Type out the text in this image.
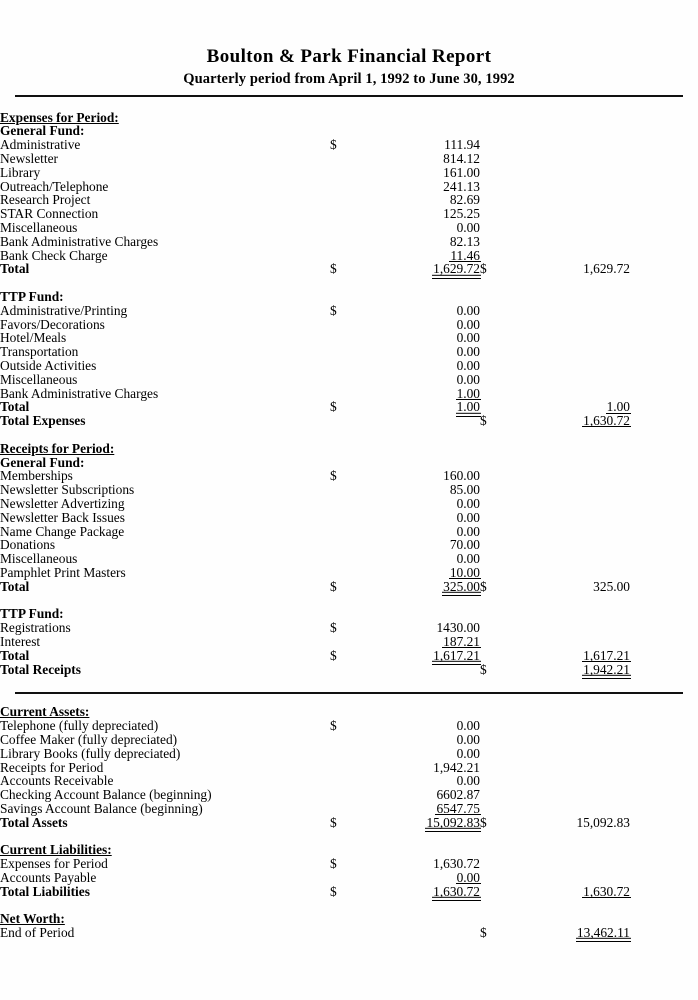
Boulton & Park Financial Report
Quarterly period from April 1, 1992 to June 30, 1992

Expenses for Period:					
General Fund:					
Administrative	$	111.94			
Newsletter		814.12			
Library		161.00			
Outreach/Telephone		241.13			
Research Project		82.69			
STAR Connection		125.25			
Miscellaneous		0.00			
Bank Administrative Charges		82.13			
Bank Check Charge		11.46			
Total	$	1,629.72	$	1,629.72	

TTP Fund:					
Administrative/Printing	$	0.00			
Favors/Decorations		0.00			
Hotel/Meals		0.00			
Transportation		0.00			
Outside Activities		0.00			
Miscellaneous		0.00			
Bank Administrative Charges		1.00			
Total	$	1.00		1.00	
Total Expenses			$	1,630.72	

Receipts for Period:					
General Fund:					
Memberships	$	160.00			
Newsletter Subscriptions		85.00			
Newsletter Advertizing		0.00			
Newsletter Back Issues		0.00			
Name Change Package		0.00			
Donations		70.00			
Miscellaneous		0.00			
Pamphlet Print Masters		10.00			
Total	$	325.00	$	325.00	

TTP Fund:					
Registrations	$	1430.00			
Interest		187.21			
Total	$	1,617.21		1,617.21	
Total Receipts			$	1,942.21	
Current Assets:					
Telephone (fully depreciated)	$	0.00			
Coffee Maker (fully depreciated)		0.00			
Library Books (fully depreciated)		0.00			
Receipts for Period		1,942.21			
Accounts Receivable		0.00			
Checking Account Balance (beginning)		6602.87			
Savings Account Balance (beginning)		6547.75			
Total Assets	$	15,092.83	$	15,092.83	

Current Liabilities:					
Expenses for Period	$	1,630.72			
Accounts Payable		0.00			
Total Liabilities	$	1,630.72		1,630.72	

Net Worth:					
End of Period			$	13,462.11	
